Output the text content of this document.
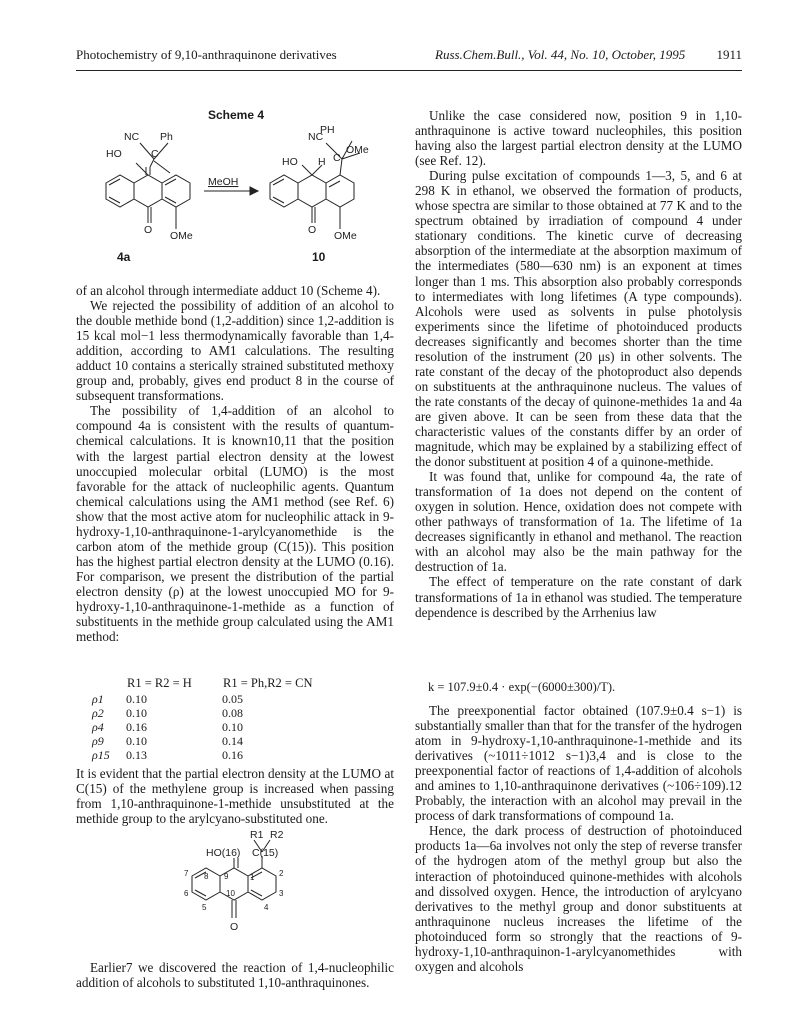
Photochemistry of 9,10-anthraquinone derivatives	Russ.Chem.Bull., Vol. 44, No. 10, October, 1995 1911
Scheme 4
NC Ph
HO	C
O OMe
MeOH
PH
NC
OMe
C
HO H
O OMe
4a	10

of an alcohol through intermediate adduct 10 (Scheme 4).

We rejected the possibility of addition of an alcohol to the double methide bond (1,2-addition) since 1,2-addition is 15 kcal mol−1 less thermodynamically favorable than 1,4-addition, according to AM1 calculations. The resulting adduct 10 contains a sterically strained substituted methoxy group and, probably, gives end product 8 in the course of subsequent transformations.

The possibility of 1,4-addition of an alcohol to compound 4a is consistent with the results of quantum-chemical calculations. It is known10,11 that the position with the largest partial electron density at the lowest unoccupied molecular orbital (LUMO) is the most favorable for the attack of nucleophilic agents. Quantum chemical calculations using the AM1 method (see Ref. 6) show that the most active atom for nucleophilic attack in 9-hydroxy-1,10-anthraquinone-1-arylcyanomethide is the carbon atom of the methide group (C(15)). This position has the highest partial electron density at the LUMO (0.16). For comparison, we present the distribution of the partial electron density (ρ) at the lowest unoccupied MO for 9-hydroxy-1,10-anthraquinone-1-methide as a function of substituents in the methide group calculated using the AM1 method:

	R1 = R2 = H	R1 = Ph,R2 = CN
ρ1	0.10	0.05
ρ2	0.10	0.08
ρ4	0.16	0.10
ρ9	0.10	0.14
ρ15	0.13	0.16

It is evident that the partial electron density at the LUMO at C(15) of the methylene group is increased when passing from 1,10-anthraquinone-1-methide unsubstituted at the methide group to the arylcyano-substituted one.

R1 R2
HO(16) C(15)
1	2
3
4
5
6
7 8 9
10
O

Earlier7 we discovered the reaction of 1,4-nucleophilic addition of alcohols to substituted 1,10-anthraquinones.

Unlike the case considered now, position 9 in 1,10-anthraquinone is active toward nucleophiles, this position having also the largest partial electron density at the LUMO (see Ref. 12).

During pulse excitation of compounds 1—3, 5, and 6 at 298 K in ethanol, we observed the formation of products, whose spectra are similar to those obtained at 77 K and to the spectrum obtained by irradiation of compound 4 under stationary conditions. The kinetic curve of decreasing absorption of the intermediate at the absorption maximum of the intermediates (580—630 nm) is an exponent at times longer than 1 ms. This absorption also probably corresponds to intermediates with long lifetimes (A type compounds). Alcohols were used as solvents in pulse photolysis experiments since the lifetime of photoinduced products decreases significantly and becomes shorter than the time resolution of the instrument (20 μs) in other solvents. The rate constant of the decay of the photoproduct also depends on substituents at the anthraquinone nucleus. The values of the rate constants of the decay of quinone-methides 1a and 4a are given above. It can be seen from these data that the characteristic values of the constants differ by an order of magnitude, which may be explained by a stabilizing effect of the donor substituent at position 4 of a quinone-methide.

It was found that, unlike for compound 4a, the rate of transformation of 1a does not depend on the content of oxygen in solution. Hence, oxidation does not compete with other pathways of transformation of 1a. The lifetime of 1a decreases significantly in ethanol and methanol. The reaction with an alcohol may also be the main pathway for the destruction of 1a.

The effect of temperature on the rate constant of dark transformations of 1a in ethanol was studied. The temperature dependence is described by the Arrhenius law

k = 107.9±0.4 · exp(−(6000±300)/T).

The preexponential factor obtained (107.9±0.4 s−1) is substantially smaller than that for the transfer of the hydrogen atom in 9-hydroxy-1,10-anthraquinone-1-methide and its derivatives (~1011÷1012 s−1)3,4 and is close to the preexponential factor of reactions of 1,4-addition of alcohols and amines to 1,10-anthraquinone derivatives (~106÷109).12 Probably, the interaction with an alcohol may prevail in the process of dark transformations of compound 1a.

Hence, the dark process of destruction of photoinduced products 1a—6a involves not only the step of reverse transfer of the hydrogen atom of the methyl group but also the interaction of photoinduced quinone-methides with alcohols and dissolved oxygen. Hence, the introduction of arylcyano derivatives to the methyl group and donor substituents at anthraquinone nucleus increases the lifetime of the photoinduced form so strongly that the reactions of 9-hydroxy-1,10-anthraquinon-1-arylcyanomethides with oxygen and alcohols
